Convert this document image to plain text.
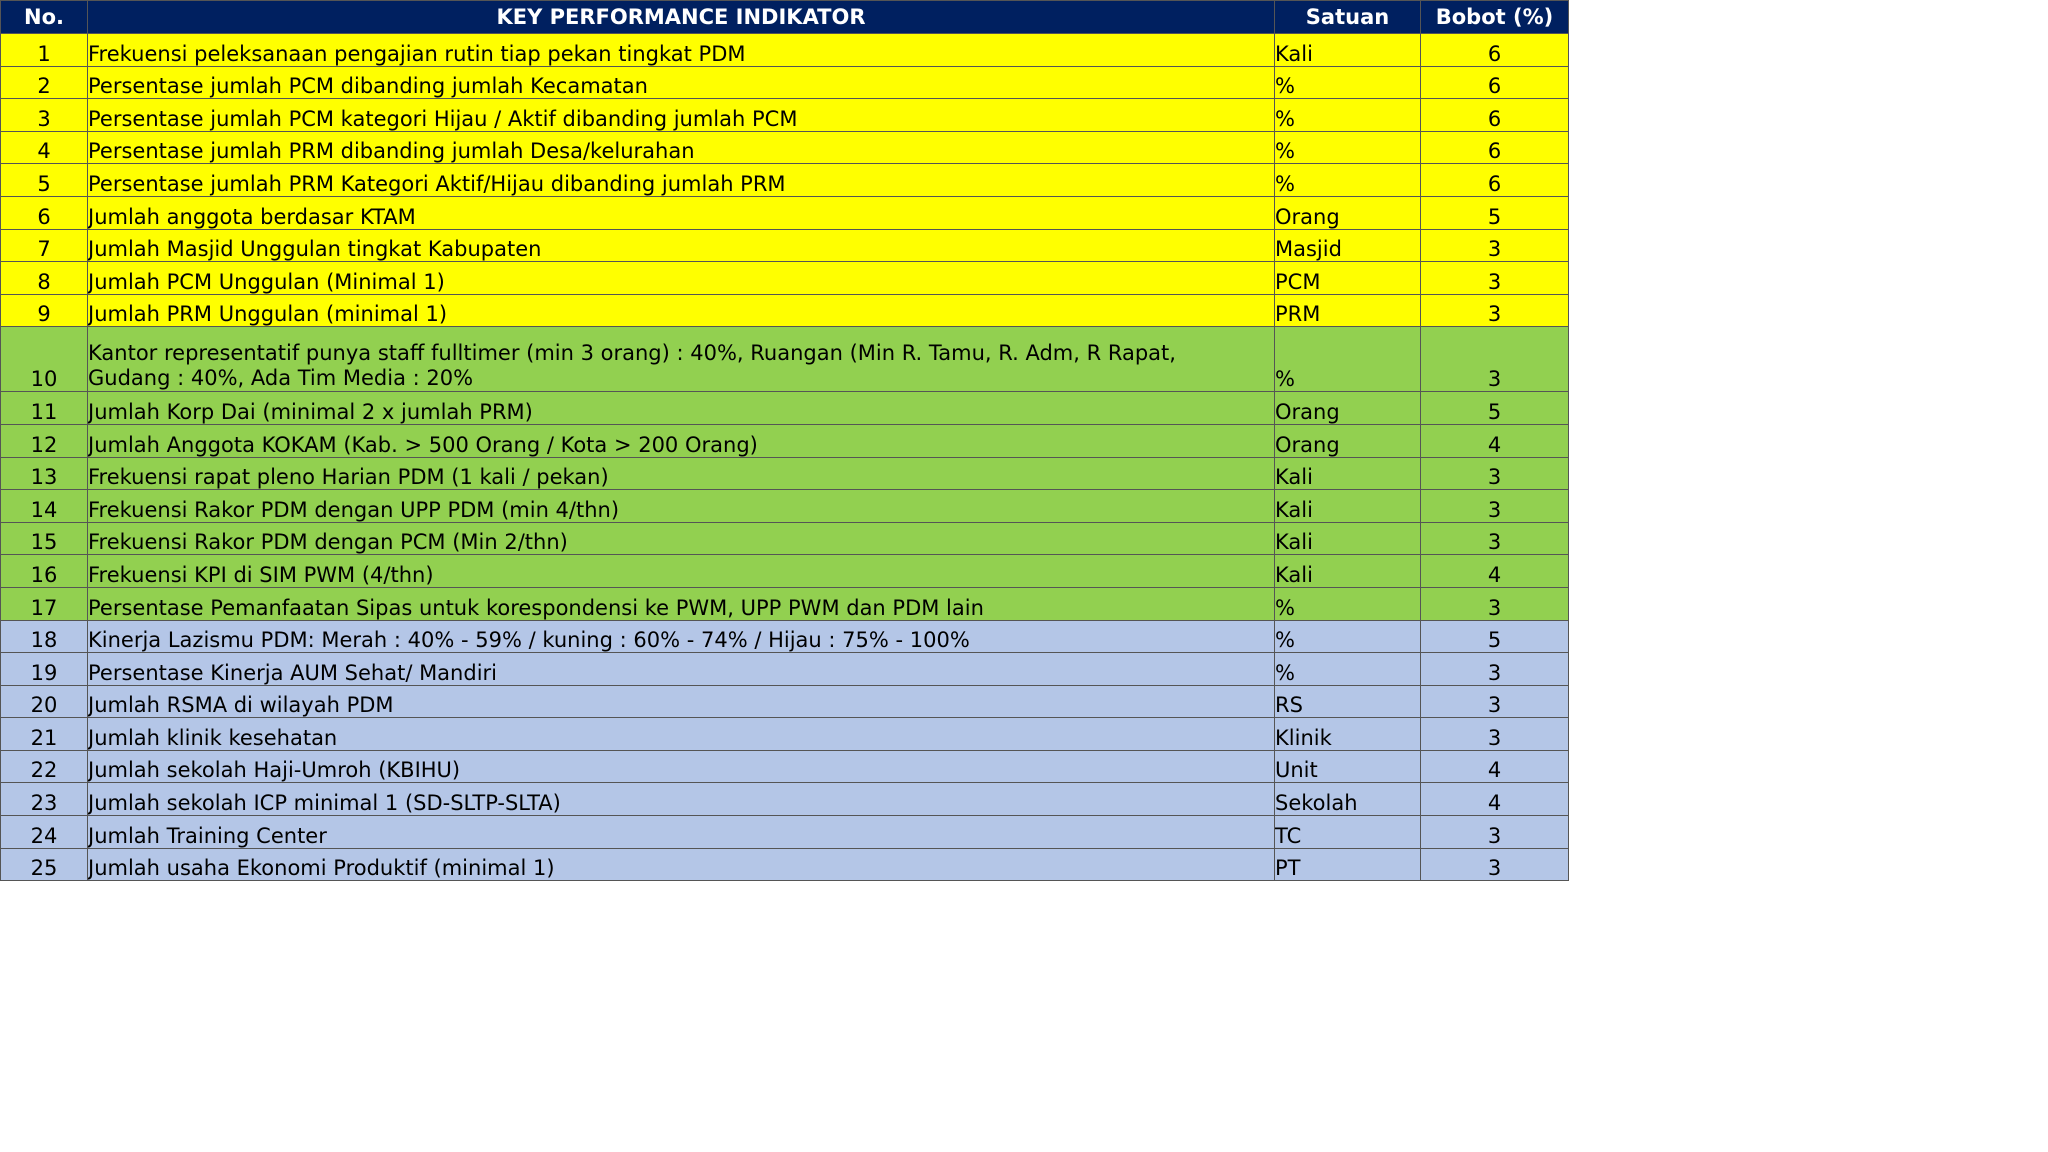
No.	KEY PERFORMANCE INDIKATOR	Satuan	Bobot (%)
1	Frekuensi peleksanaan pengajian rutin tiap pekan tingkat PDM	Kali	6
2	Persentase jumlah PCM dibanding jumlah Kecamatan	%	6
3	Persentase jumlah PCM kategori Hijau / Aktif dibanding jumlah PCM	%	6
4	Persentase jumlah PRM dibanding jumlah Desa/kelurahan	%	6
5	Persentase jumlah PRM Kategori Aktif/Hijau dibanding jumlah PRM	%	6
6	Jumlah anggota berdasar KTAM	Orang	5
7	Jumlah Masjid Unggulan tingkat Kabupaten	Masjid	3
8	Jumlah PCM Unggulan (Minimal 1)	PCM	3
9	Jumlah PRM Unggulan (minimal 1)	PRM	3
10	Kantor representatif punya staff fulltimer (min 3 orang) : 40%, Ruangan (Min R. Tamu, R. Adm, R Rapat, Gudang : 40%, Ada Tim Media : 20%	%	3
11	Jumlah Korp Dai (minimal 2 x jumlah PRM)	Orang	5
12	Jumlah Anggota KOKAM (Kab. > 500 Orang / Kota > 200 Orang)	Orang	4
13	Frekuensi rapat pleno Harian PDM (1 kali / pekan)	Kali	3
14	Frekuensi Rakor PDM dengan UPP PDM (min 4/thn)	Kali	3
15	Frekuensi Rakor PDM dengan PCM (Min 2/thn)	Kali	3
16	Frekuensi KPI di SIM PWM (4/thn)	Kali	4
17	Persentase Pemanfaatan Sipas untuk korespondensi ke PWM, UPP PWM dan PDM lain	%	3
18	Kinerja Lazismu PDM: Merah : 40% - 59% / kuning : 60% - 74% / Hijau : 75% - 100%	%	5
19	Persentase Kinerja AUM Sehat/ Mandiri	%	3
20	Jumlah RSMA di wilayah PDM	RS	3
21	Jumlah klinik kesehatan	Klinik	3
22	Jumlah sekolah Haji-Umroh (KBIHU)	Unit	4
23	Jumlah sekolah ICP minimal 1 (SD-SLTP-SLTA)	Sekolah	4
24	Jumlah Training Center	TC	3
25	Jumlah usaha Ekonomi Produktif (minimal 1)	PT	3
